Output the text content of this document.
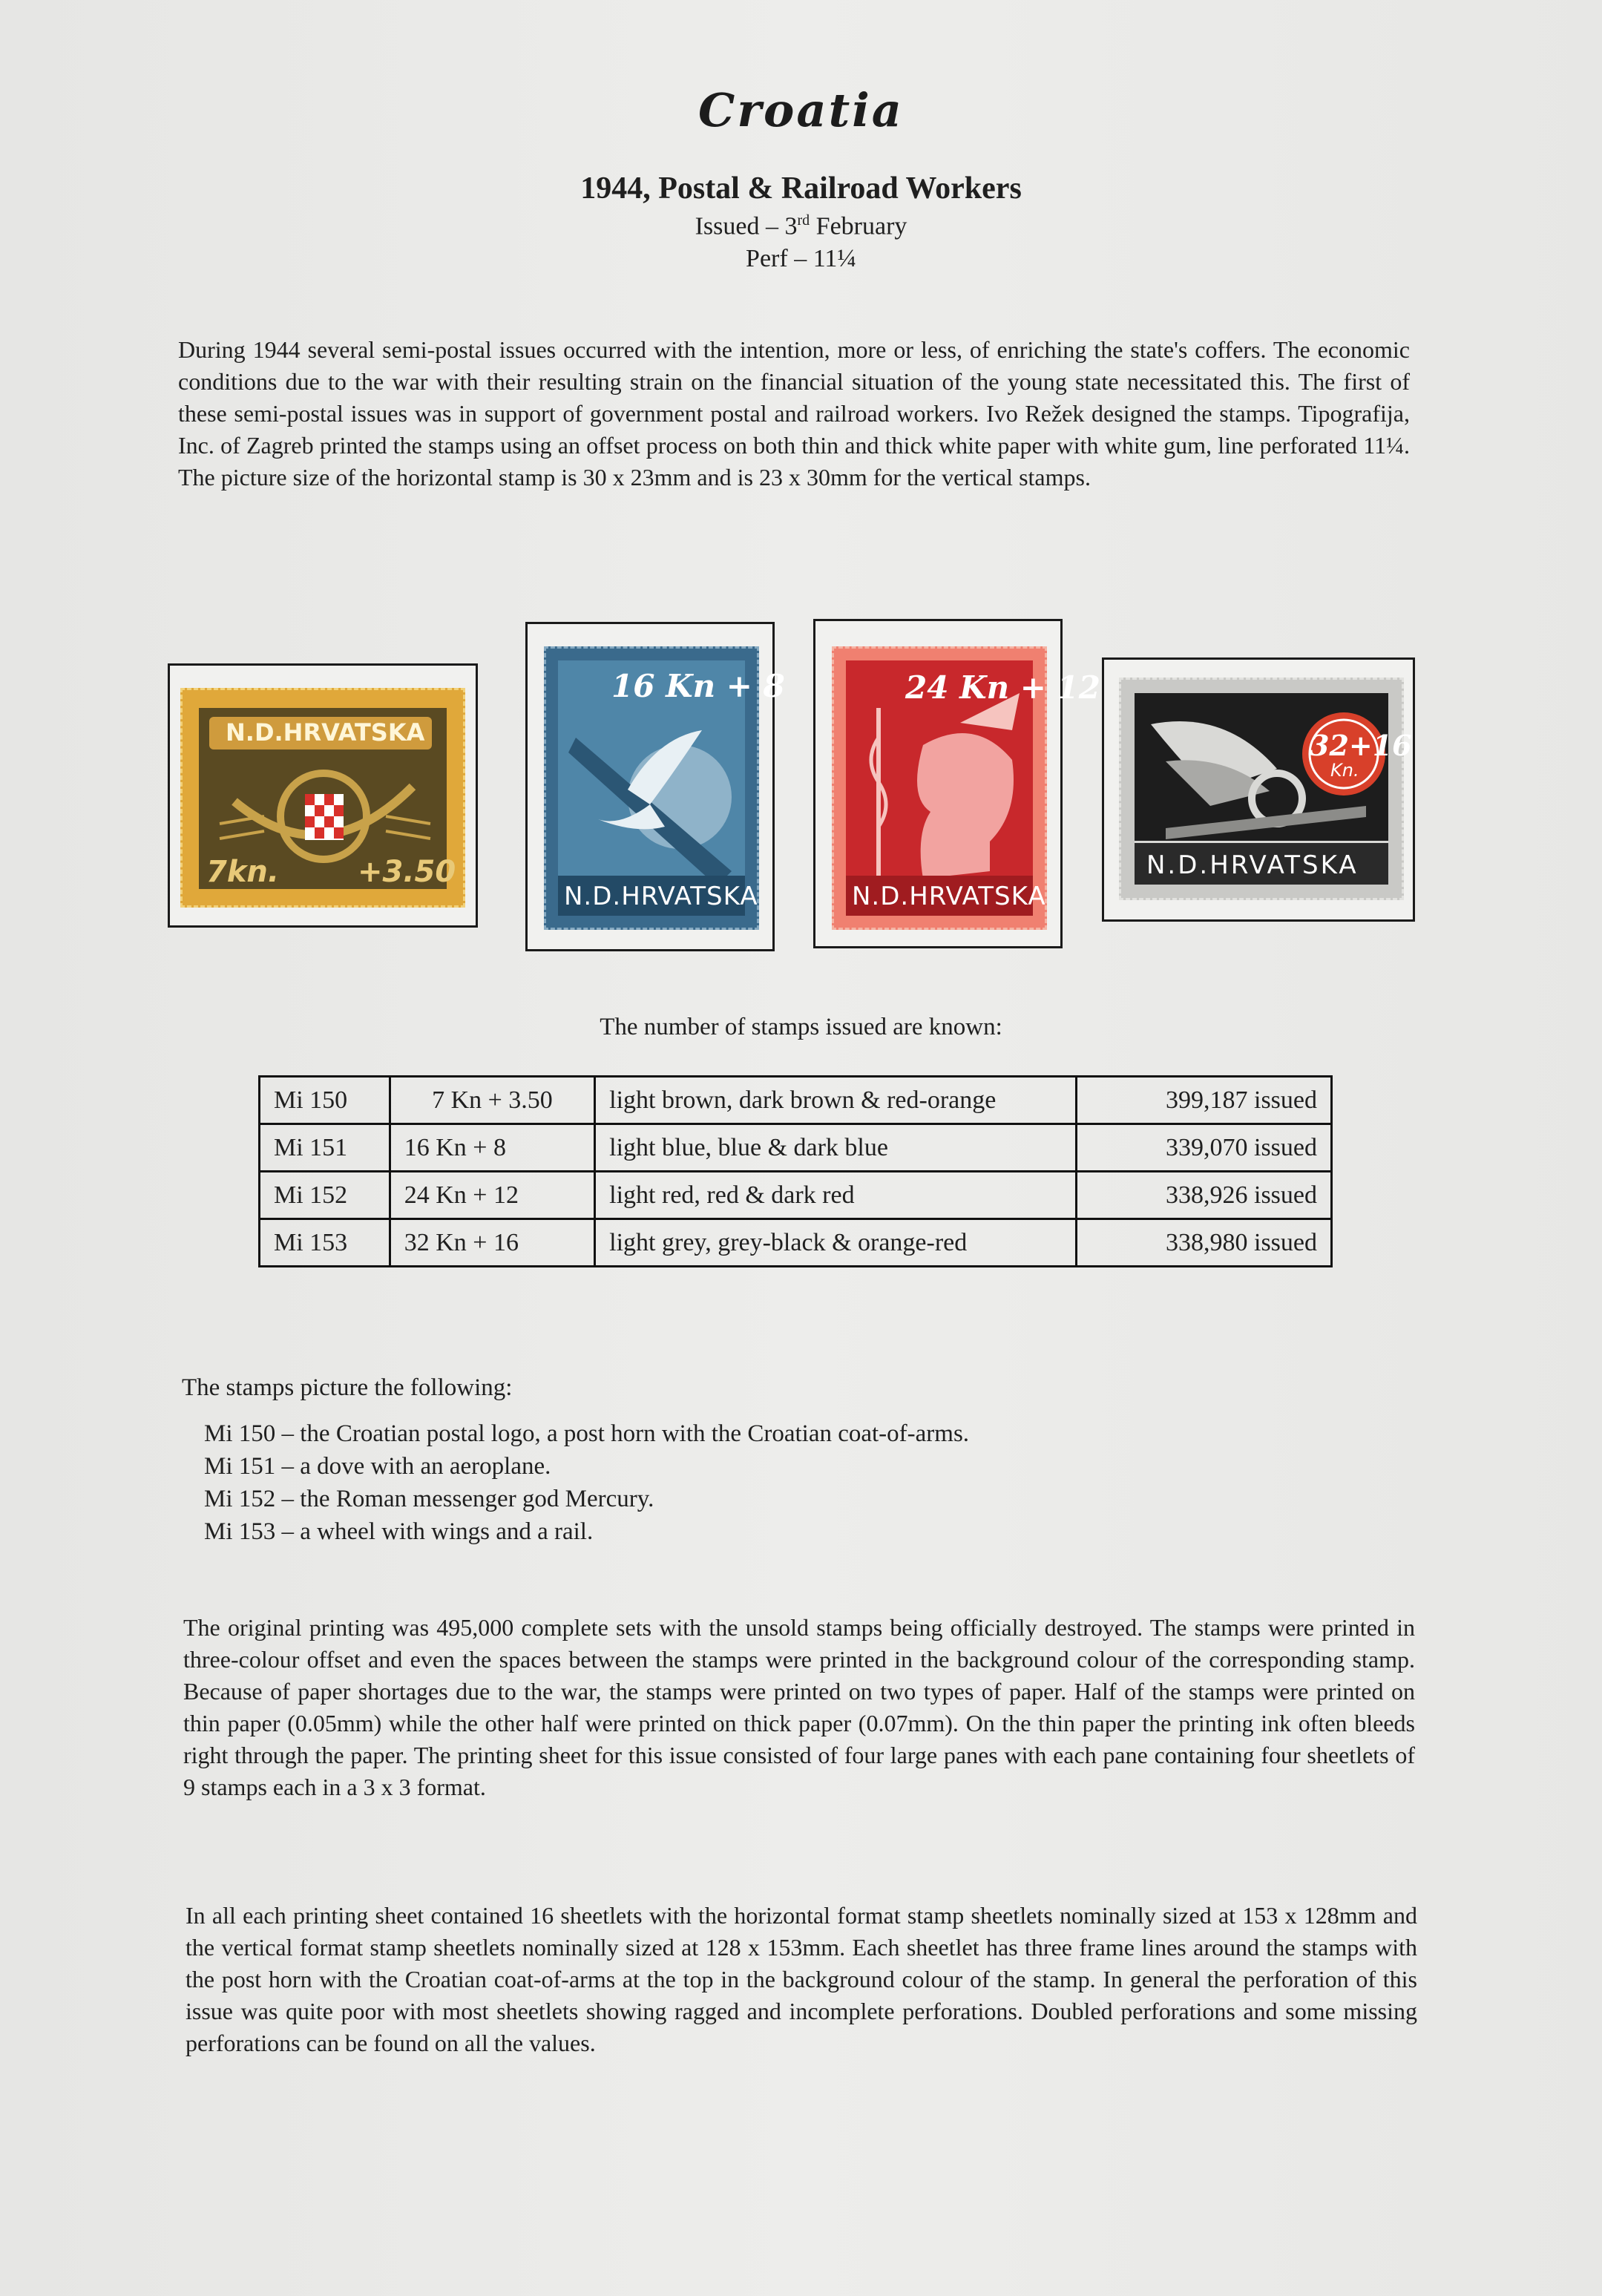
Croatia
1944, Postal & Railroad Workers
Issued – 3rd February
Perf – 11¼

During 1944 several semi-postal issues occurred with the intention, more or less, of enriching the state's coffers. The economic conditions due to the war with their resulting strain on the financial situation of the young state necessitated this. The first of these semi-postal issues was in support of government postal and railroad workers. Ivo Režek designed the stamps. Tipografija, Inc. of Zagreb printed the stamps using an offset process on both thin and thick white paper with white gum, line perforated 11¼. The picture size of the horizontal stamp is 30 x 23mm and is 23 x 30mm for the vertical stamps.

N.D.HRVATSKA
7kn.	+3.50
16 Kn + 8
N.D.HRVATSKA
24 Kn + 12
N.D.HRVATSKA
32+16
Kn.
N.D.HRVATSKA
The number of stamps issued are known:
Mi 150	7 Kn + 3.50	light brown, dark brown & red-orange	399,187 issued
Mi 151	16 Kn + 8	light blue, blue & dark blue	339,070 issued
Mi 152	24 Kn + 12	light red, red & dark red	338,926 issued
Mi 153	32 Kn + 16	light grey, grey-black & orange-red	338,980 issued
The stamps picture the following:
Mi 150 – the Croatian postal logo, a post horn with the Croatian coat-of-arms.
Mi 151 – a dove with an aeroplane.
Mi 152 – the Roman messenger god Mercury.
Mi 153 – a wheel with wings and a rail.

The original printing was 495,000 complete sets with the unsold stamps being officially destroyed. The stamps were printed in three-colour offset and even the spaces between the stamps were printed in the background colour of the corresponding stamp. Because of paper shortages due to the war, the stamps were printed on two types of paper. Half of the stamps were printed on thin paper (0.05mm) while the other half were printed on thick paper (0.07mm). On the thin paper the printing ink often bleeds right through the paper. The printing sheet for this issue consisted of four large panes with each pane containing four sheetlets of 9 stamps each in a 3 x 3 format.

In all each printing sheet contained 16 sheetlets with the horizontal format stamp sheetlets nominally sized at 153 x 128mm and the vertical format stamp sheetlets nominally sized at 128 x 153mm. Each sheetlet has three frame lines around the stamps with the post horn with the Croatian coat-of-arms at the top in the background colour of the stamp. In general the perforation of this issue was quite poor with most sheetlets showing ragged and incomplete perforations. Doubled perforations and some missing perforations can be found on all the values.
